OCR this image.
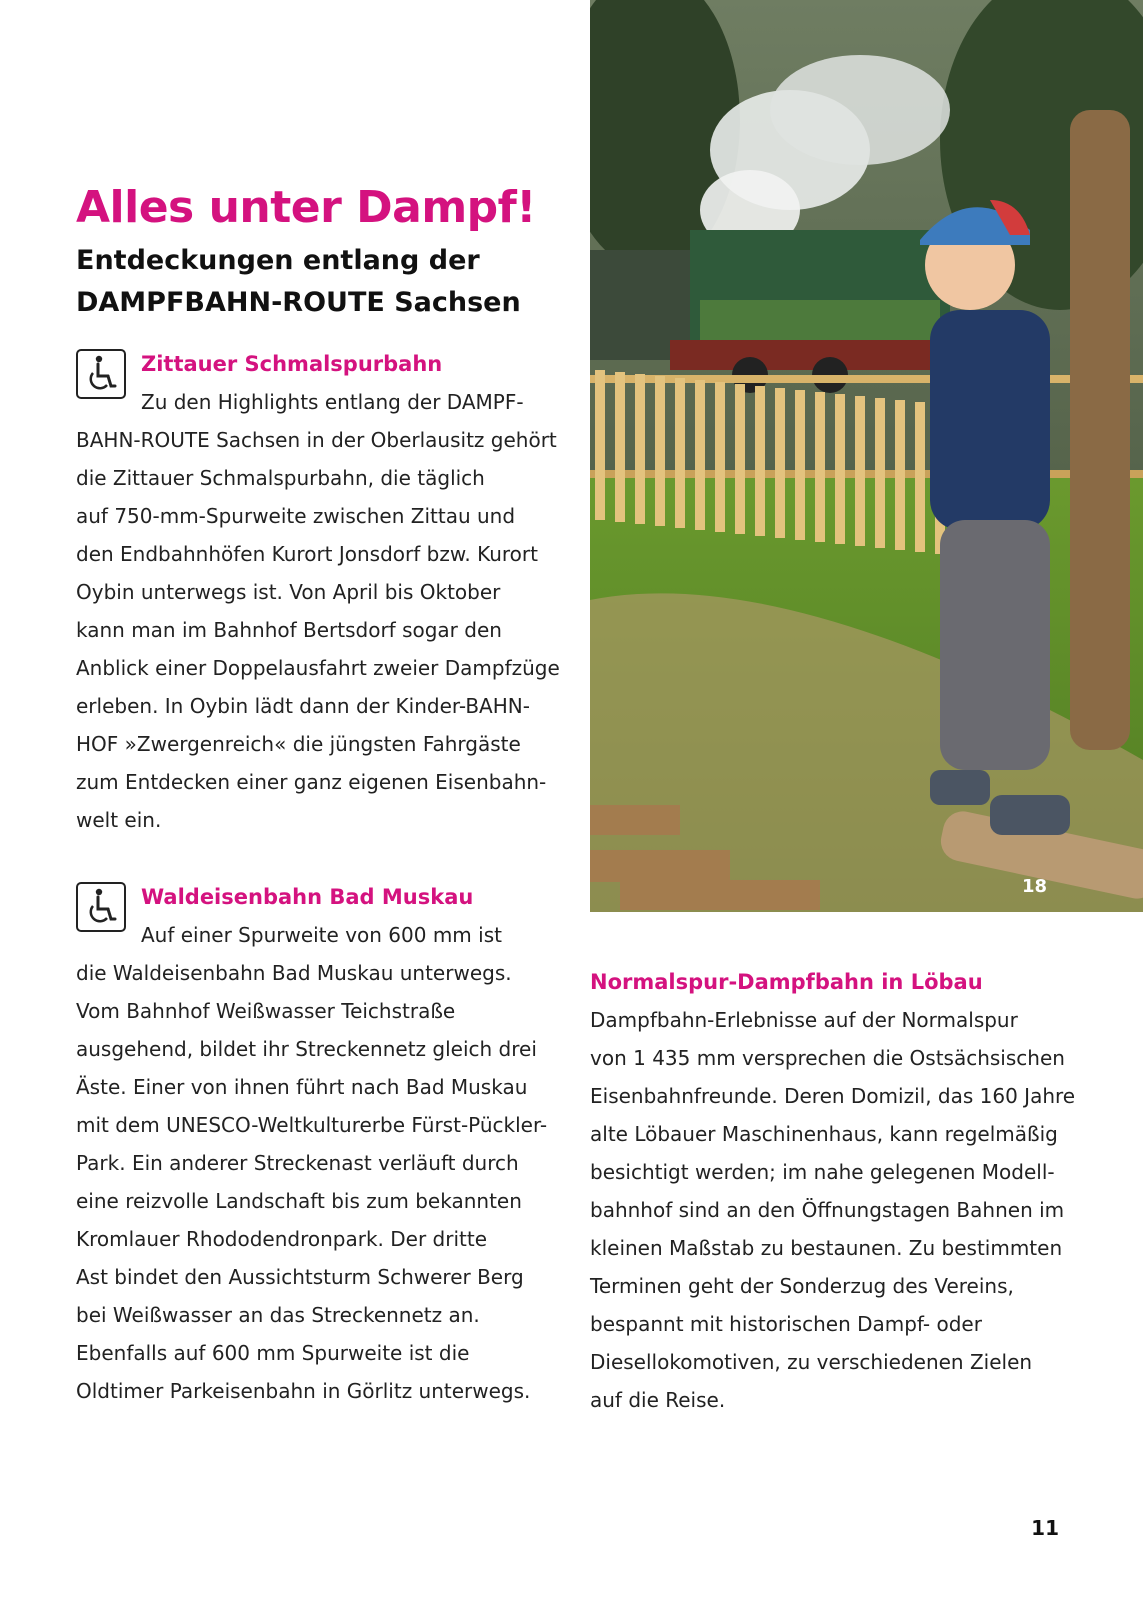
Alles unter Dampf!
Entdeckungen entlang der
DAMPFBAHN-ROUTE Sachsen
Zittauer Schmalspurbahn
Zu den Highlights entlang der DAMPF-
BAHN-ROUTE Sachsen in der Oberlausitz gehört
die Zittauer Schmalspurbahn, die täglich
auf 750-mm-Spurweite zwischen Zittau und
den Endbahnhöfen Kurort Jonsdorf bzw. Kurort
Oybin unterwegs ist. Von April bis Oktober
kann man im Bahnhof Bertsdorf sogar den
Anblick einer Doppelausfahrt zweier Dampfzüge
erleben. In Oybin lädt dann der Kinder-BAHN-
HOF »Zwergenreich« die jüngsten Fahrgäste
zum Entdecken einer ganz eigenen Eisenbahn-
welt ein.
Waldeisenbahn Bad Muskau
Auf einer Spurweite von 600 mm ist
die Waldeisenbahn Bad Muskau unterwegs.
Vom Bahnhof Weißwasser Teichstraße
ausgehend, bildet ihr Streckennetz gleich drei
Äste. Einer von ihnen führt nach Bad Muskau
mit dem UNESCO-Weltkulturerbe Fürst-Pückler-
Park. Ein anderer Streckenast verläuft durch
eine reizvolle Landschaft bis zum bekannten
Kromlauer Rhododendronpark. Der dritte
Ast bindet den Aussichtsturm Schwerer Berg
bei Weißwasser an das Streckennetz an.
Ebenfalls auf 600 mm Spurweite ist die
Oldtimer Parkeisenbahn in Görlitz unterwegs.
18
Normalspur-Dampfbahn in Löbau
Dampfbahn-Erlebnisse auf der Normalspur
von 1 435 mm versprechen die Ostsächsischen
Eisenbahnfreunde. Deren Domizil, das 160 Jahre
alte Löbauer Maschinenhaus, kann regelmäßig
besichtigt werden; im nahe gelegenen Modell-
bahnhof sind an den Öffnungstagen Bahnen im
kleinen Maßstab zu bestaunen. Zu bestimmten
Terminen geht der Sonderzug des Vereins,
bespannt mit historischen Dampf- oder
Diesellokomotiven, zu verschiedenen Zielen
auf die Reise.
11
